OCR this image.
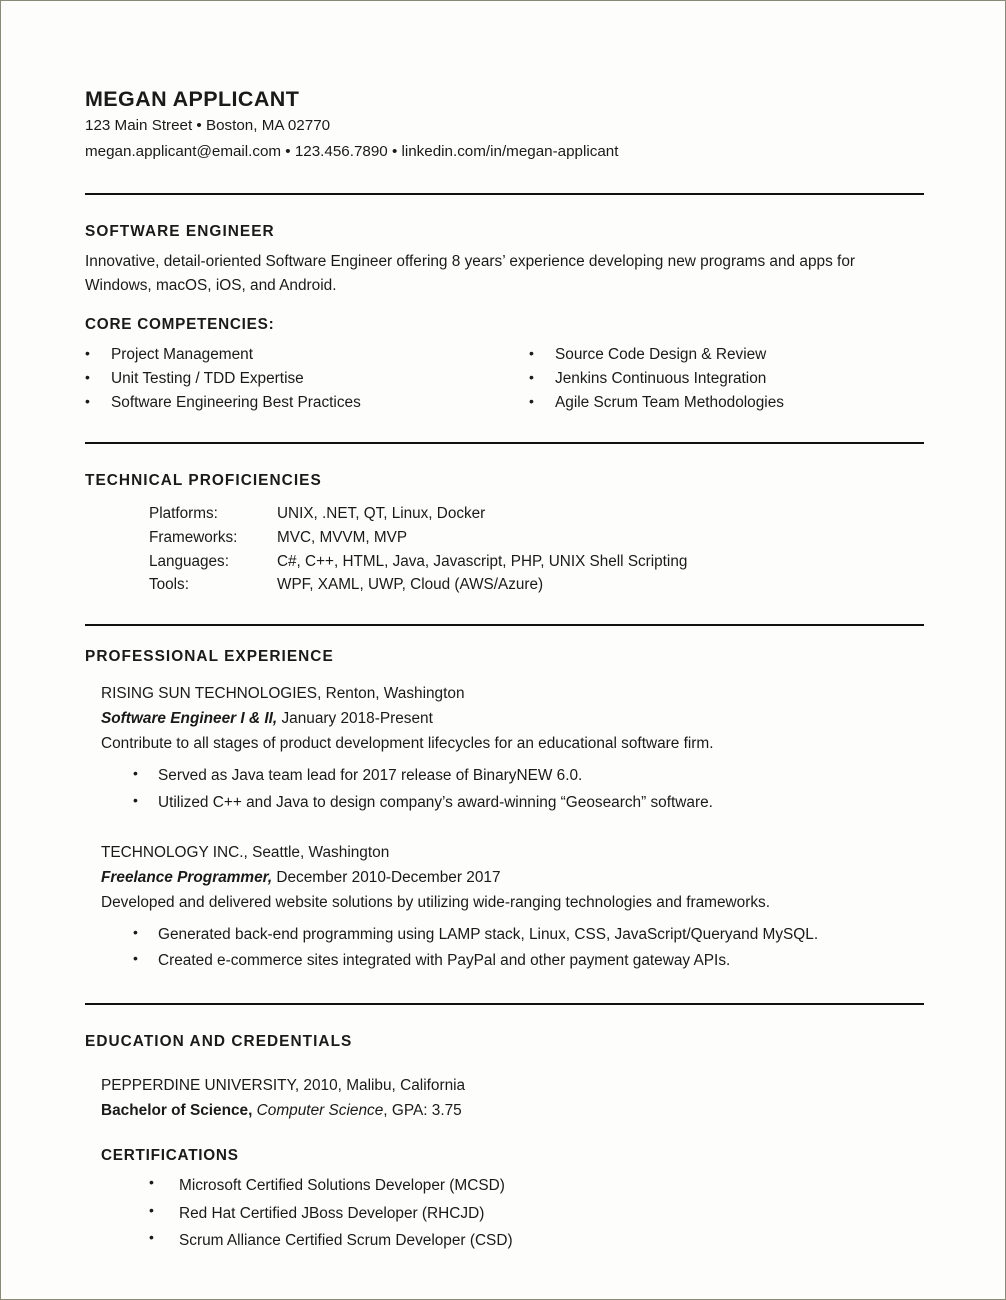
MEGAN APPLICANT

123 Main Street • Boston, MA 02770

megan.applicant@email.com • 123.456.7890 • linkedin.com/in/megan-applicant

SOFTWARE ENGINEER

Innovative, detail-oriented Software Engineer offering 8 years’ experience developing new programs and apps for Windows, macOS, iOS, and Android.

CORE COMPETENCIES:
•	Project Management
•	Unit Testing / TDD Expertise
•	Software Engineering Best Practices
•	Source Code Design & Review
•	Jenkins Continuous Integration
•	Agile Scrum Team Methodologies
TECHNICAL PROFICIENCIES
Platforms:	UNIX, .NET, QT, Linux, Docker
Frameworks:	MVC, MVVM, MVP
Languages:	C#, C++, HTML, Java, Javascript, PHP, UNIX Shell Scripting
Tools:	WPF, XAML, UWP, Cloud (AWS/Azure)
PROFESSIONAL EXPERIENCE

RISING SUN TECHNOLOGIES, Renton, Washington

Software Engineer I & II, January 2018-Present

Contribute to all stages of product development lifecycles for an educational software firm.

•	Served as Java team lead for 2017 release of BinaryNEW 6.0.
•	Utilized C++ and Java to design company’s award-winning “Geosearch” software.

TECHNOLOGY INC., Seattle, Washington

Freelance Programmer, December 2010-December 2017

Developed and delivered website solutions by utilizing wide-ranging technologies and frameworks.

•	Generated back-end programming using LAMP stack, Linux, CSS, JavaScript/Queryand MySQL.
•	Created e-commerce sites integrated with PayPal and other payment gateway APIs.
EDUCATION AND CREDENTIALS

PEPPERDINE UNIVERSITY, 2010, Malibu, California

Bachelor of Science, Computer Science, GPA: 3.75

CERTIFICATIONS
•	Microsoft Certified Solutions Developer (MCSD)
•	Red Hat Certified JBoss Developer (RHCJD)
•	Scrum Alliance Certified Scrum Developer (CSD)
